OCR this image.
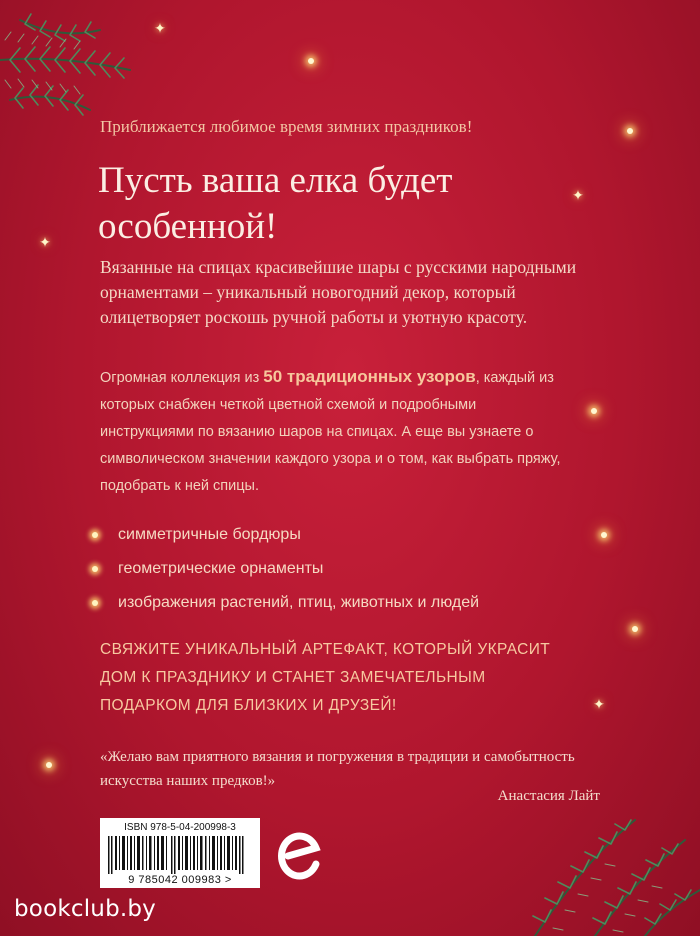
✦
✦
✦
✦
Приближается любимое время зимних праздников!
Пусть ваша елка будет
особенной!
Вязанные на спицах красивейшие шары с русскими народными орнаментами – уникальный новогодний декор, который олицетворяет роскошь ручной работы и уютную красоту.
Огромная коллекция из 50 традиционных узоров, каждый из которых снабжен четкой цветной схемой и подробными инструкциями по вязанию шаров на спицах. А еще вы узнаете о символическом значении каждого узора и о том, как выбрать пряжу, подобрать к ней спицы.
симметричные бордюры
геометрические орнаменты
изображения растений, птиц, животных и людей
СВЯЖИТЕ УНИКАЛЬНЫЙ АРТЕФАКТ, КОТОРЫЙ УКРАСИТ ДОМ К ПРАЗДНИКУ И СТАНЕТ ЗАМЕЧАТЕЛЬНЫМ ПОДАРКОМ ДЛЯ БЛИЗКИХ И ДРУЗЕЙ!
«Желаю вам приятного вязания и погружения в традиции и самобытность искусства наших предков!»
Анастасия Лайт
ISBN 978-5-04-200998-3
9 785042 009983 >
bookclub.by
